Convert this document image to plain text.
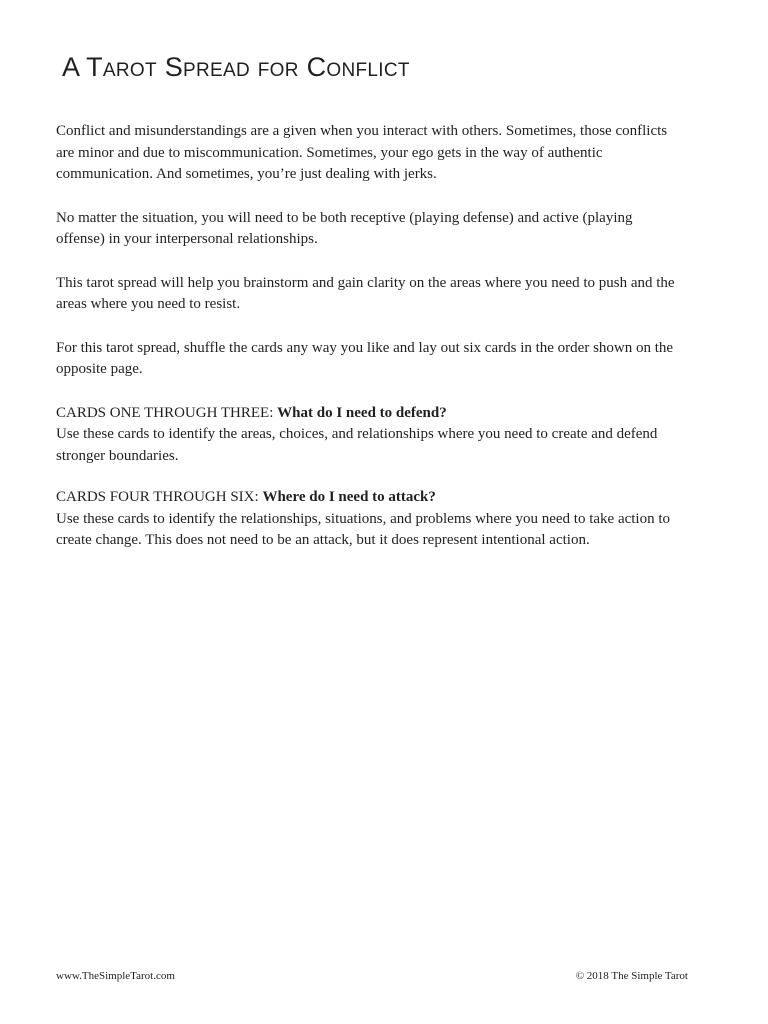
A Tarot Spread for Conflict

Conflict and misunderstandings are a given when you interact with others. Sometimes, those conflicts are minor and due to miscommunication. Sometimes, your ego gets in the way of authentic communication. And sometimes, you’re just dealing with jerks.

No matter the situation, you will need to be both receptive (playing defense) and active (playing offense) in your interpersonal relationships.

This tarot spread will help you brainstorm and gain clarity on the areas where you need to push and the areas where you need to resist.

For this tarot spread, shuffle the cards any way you like and lay out six cards in the order shown on the opposite page.

CARDS ONE THROUGH THREE: What do I need to defend?

Use these cards to identify the areas, choices, and relationships where you need to create and defend stronger boundaries.

CARDS FOUR THROUGH SIX: Where do I need to attack?

Use these cards to identify the relationships, situations, and problems where you need to take action to create change. This does not need to be an attack, but it does represent intentional action.

www.TheSimpleTarot.com	© 2018 The Simple Tarot
